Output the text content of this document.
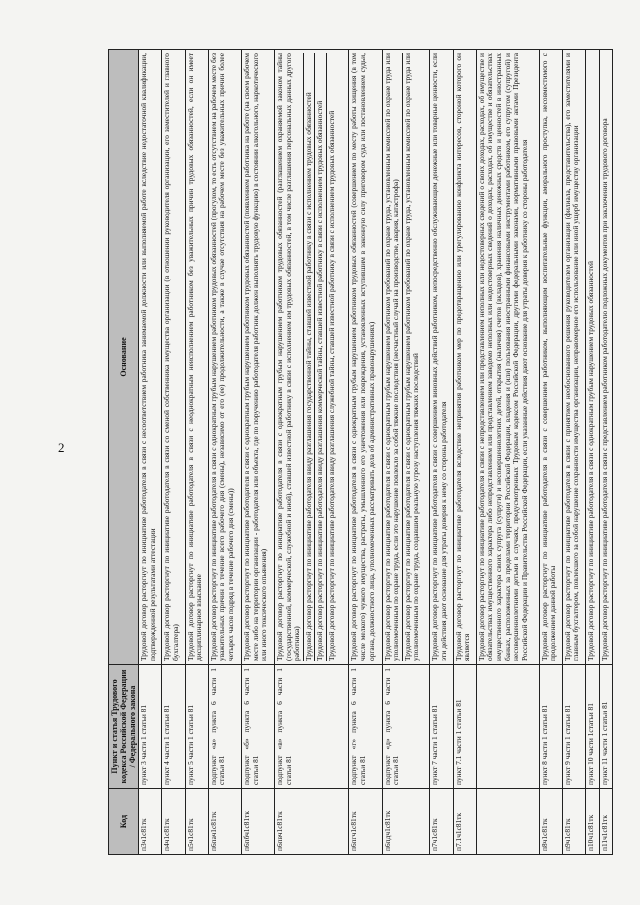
2
Код	Пункт и статья Трудового кодекса Российской Федерации / Федерального закона	Основание
п3ч1с81тк	пункт 3 части 1 статьи 81	Трудовой договор расторгнут по инициативе работодателя в связи с несоответствием работника занимаемой должности или выполняемой работе вследствие недостаточной квалификации, подтвержденной результатами аттестации
п4ч1с81тк	пункт 4 части 1 статьи 81	Трудовой договор расторгнут по инициативе работодателя в связи со сменой собственника имущества организации (в отношении руководителя организации, его заместителей и главного бухгалтера)
п5ч1с81тк	пункт 5 части 1 статьи 81	Трудовой договор расторгнут по инициативе работодателя в связи с неоднократным неисполнением работником без уважительных причин трудовых обязанностей, если он имеет дисциплинарное взыскание
п6пач1с81тк	подпункт «а» пункта 6 части 1 статьи 81	Трудовой договор расторгнут по инициативе работодателя в связи с однократным грубым нарушением работником трудовых обязанностей (прогулом, то есть отсутствием на рабочем месте без уважительных причин в течение всего рабочего дня (смены), независимо от его (ее) продолжительности, а также в случае отсутствия на рабочем месте без уважительных причин более четырех часов подряд в течение рабочего дня (смены))
п6пбч1с81тк	подпункт «б» пункта 6 части 1 статьи 81	Трудовой договор расторгнут по инициативе работодателя в связи с однократным грубым нарушением работником трудовых обязанностей (появлением работника на работе (на своем рабочем месте либо на территории организации - работодателя или объекта, где по поручению работодателя работник должен выполнять трудовую функцию) в состоянии алкогольного, наркотического или иного токсического опьянения)
п6пвч1с81тк	подпункт «в» пункта 6 части 1 статьи 81	Трудовой договор расторгнут по инициативе работодателя в связи с однократным грубым нарушением работником трудовых обязанностей (разглашением охраняемой законом тайны (государственной, коммерческой, служебной и иной), ставшей известной работнику в связи с исполнением им трудовых обязанностей, в том числе разглашения персональных данных другого работника) Трудовой договор расторгнут по инициативе работодателя ввиду разглашения государственной тайны, ставшей известной работнику в связи с исполнением трудовых обязанностей Трудовой договор расторгнут по инициативе работодателя ввиду разглашения коммерческой тайны, ставшей известной работнику в связи с исполнением трудовых обязанностей Трудовой договор расторгнут по инициативе работодателя ввиду разглашения служебной тайны, ставшей известной работнику в связи с исполнением трудовых обязанностей

п6пгч1с81тк	подпункт «г» пункта 6 части 1 статьи 81	Трудовой договор расторгнут по инициативе работодателя в связи с однократным грубым нарушением работником трудовых обязанностей (совершением по месту работы хищения (в том числе мелкого) чужого имущества, растраты, умышленного его уничтожения или повреждения, установленных вступившим в законную силу приговором суда или постановлением судьи, органа, должностного лица, уполномоченных рассматривать дела об административных правонарушениях)
п6пдч1с81тк	подпункт «д» пункта 6 части 1 статьи 81	Трудовой договор расторгнут по инициативе работодателя в связи с однократным грубым нарушением работником требований по охране труда, установленным комиссией по охране труда или уполномоченным по охране труда, если это нарушение повлекло за собой тяжкие последствия (несчастный случай на производстве, авария, катастрофа) Трудовой договор расторгнут по инициативе работодателя в связи с однократным грубым нарушением работником требований по охране труда, установленным комиссией по охране труда или уполномоченным по охране труда, создавшим реальную угрозу наступления тяжких последствий

п7ч1с81тк	пункт 7 части 1 статьи 81	Трудовой договор расторгнут по инициативе работодателя в связи с совершением виновных действий работником, непосредственно обслуживающим денежные или товарные ценности, если эти действия дают основание для утраты доверия к нему со стороны работодателя
п7.1ч1с81тк	пункт 7.1 части 1 статьи 81	Трудовой договор расторгнут по инициативе работодателя вследствие непринятия работником мер по предотвращению или урегулированию конфликта интересов, стороной которого он является
		Трудовой договор расторгнут по инициативе работодателя в связи с непредставлением или представлением неполных или недостоверных сведений о своих доходах, расходах, об имуществе и обязательствах имущественного характера либо непредставлением или представлением заведомо неполных или недостоверных сведений о доходах, расходах, об имуществе и обязательствах имущественного характера своих супруга (супруги) и несовершеннолетних детей, открытия (наличия) счетов (вкладов), хранения наличных денежных средств и ценностей в иностранных банках, расположенных за пределами территории Российской Федерации, владения и (или) пользования иностранными финансовыми инструментами работником, его супругом (супругой) и несовершеннолетними детьми в случаях, предусмотренных Трудовым кодексом Российской Федерации, другими федеральными законами, нормативными правовыми актами Президента Российской Федерации и Правительства Российской Федерации, если указанные действия дают основание для утраты доверия к работнику со стороны работодателя
п8ч1с81тк	пункт 8 части 1 статьи 81	Трудовой договор расторгнут по инициативе работодателя в связи с совершением работником, выполняющим воспитательные функции, аморального проступка, несовместимого с продолжением данной работы
п9ч1с81тк	пункт 9 части 1 статьи 81	Трудовой договор расторгнут по инициативе работодателя в связи с принятием необоснованного решения руководителем организации (филиала, представительства), его заместителями и главным бухгалтером, повлекшего за собой нарушение сохранности имущества организации, неправомерное его использование или иной ущерб имуществу организации
п10ч1с81тк	пункт 10 части 1статьи 81	Трудовой договор расторгнут по инициативе работодателя в связи с однократным грубым нарушением трудовых обязанностей
п11ч1с81тк	пункт 11 части 1 статьи 81	Трудовой договор расторгнут по инициативе работодателя в связи с представлением работником работодателю подложных документов при заключении трудового договора
